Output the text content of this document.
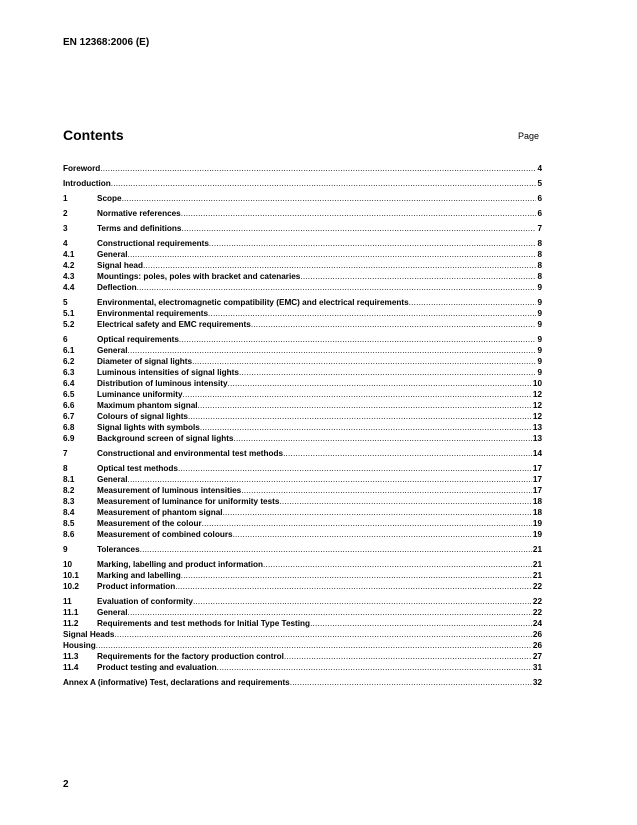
EN 12368:2006 (E)
Contents	Page
Foreword .....	4
Introduction .....	5
1	Scope .....	6
2	Normative references .....	6
3	Terms and definitions .....	7
4	Constructional requirements .....	8
4.1	General .....	8
4.2	Signal head .....	8
4.3	Mountings: poles, poles with bracket and catenaries .....	8
4.4	Deflection .....	9
5	Environmental, electromagnetic compatibility (EMC) and electrical requirements .....	9
5.1	Environmental requirements .....	9
5.2	Electrical safety and EMC requirements .....	9
6	Optical requirements .....	9
6.1	General .....	9
6.2	Diameter of signal lights .....	9
6.3	Luminous intensities of signal lights .....	9
6.4	Distribution of luminous intensity .....	10
6.5	Luminance uniformity .....	12
6.6	Maximum phantom signal .....	12
6.7	Colours of signal lights .....	12
6.8	Signal lights with symbols .....	13
6.9	Background screen of signal lights .....	13
7	Constructional and environmental test methods .....	14
8	Optical test methods .....	17
8.1	General .....	17
8.2	Measurement of luminous intensities .....	17
8.3	Measurement of luminance for uniformity tests .....	18
8.4	Measurement of phantom signal .....	18
8.5	Measurement of the colour .....	19
8.6	Measurement of combined colours .....	19
9	Tolerances .....	21
10	Marking, labelling and product information .....	21
10.1	Marking and labelling .....	21
10.2	Product information .....	22
11	Evaluation of conformity .....	22
11.1	General .....	22
11.2	Requirements and test methods for Initial Type Testing .....	24
Signal Heads .....	26
Housing .....	26
11.3	Requirements for the factory production control .....	27
11.4	Product testing and evaluation .....	31
Annex A (informative) Test, declarations and requirements .....	32
2
